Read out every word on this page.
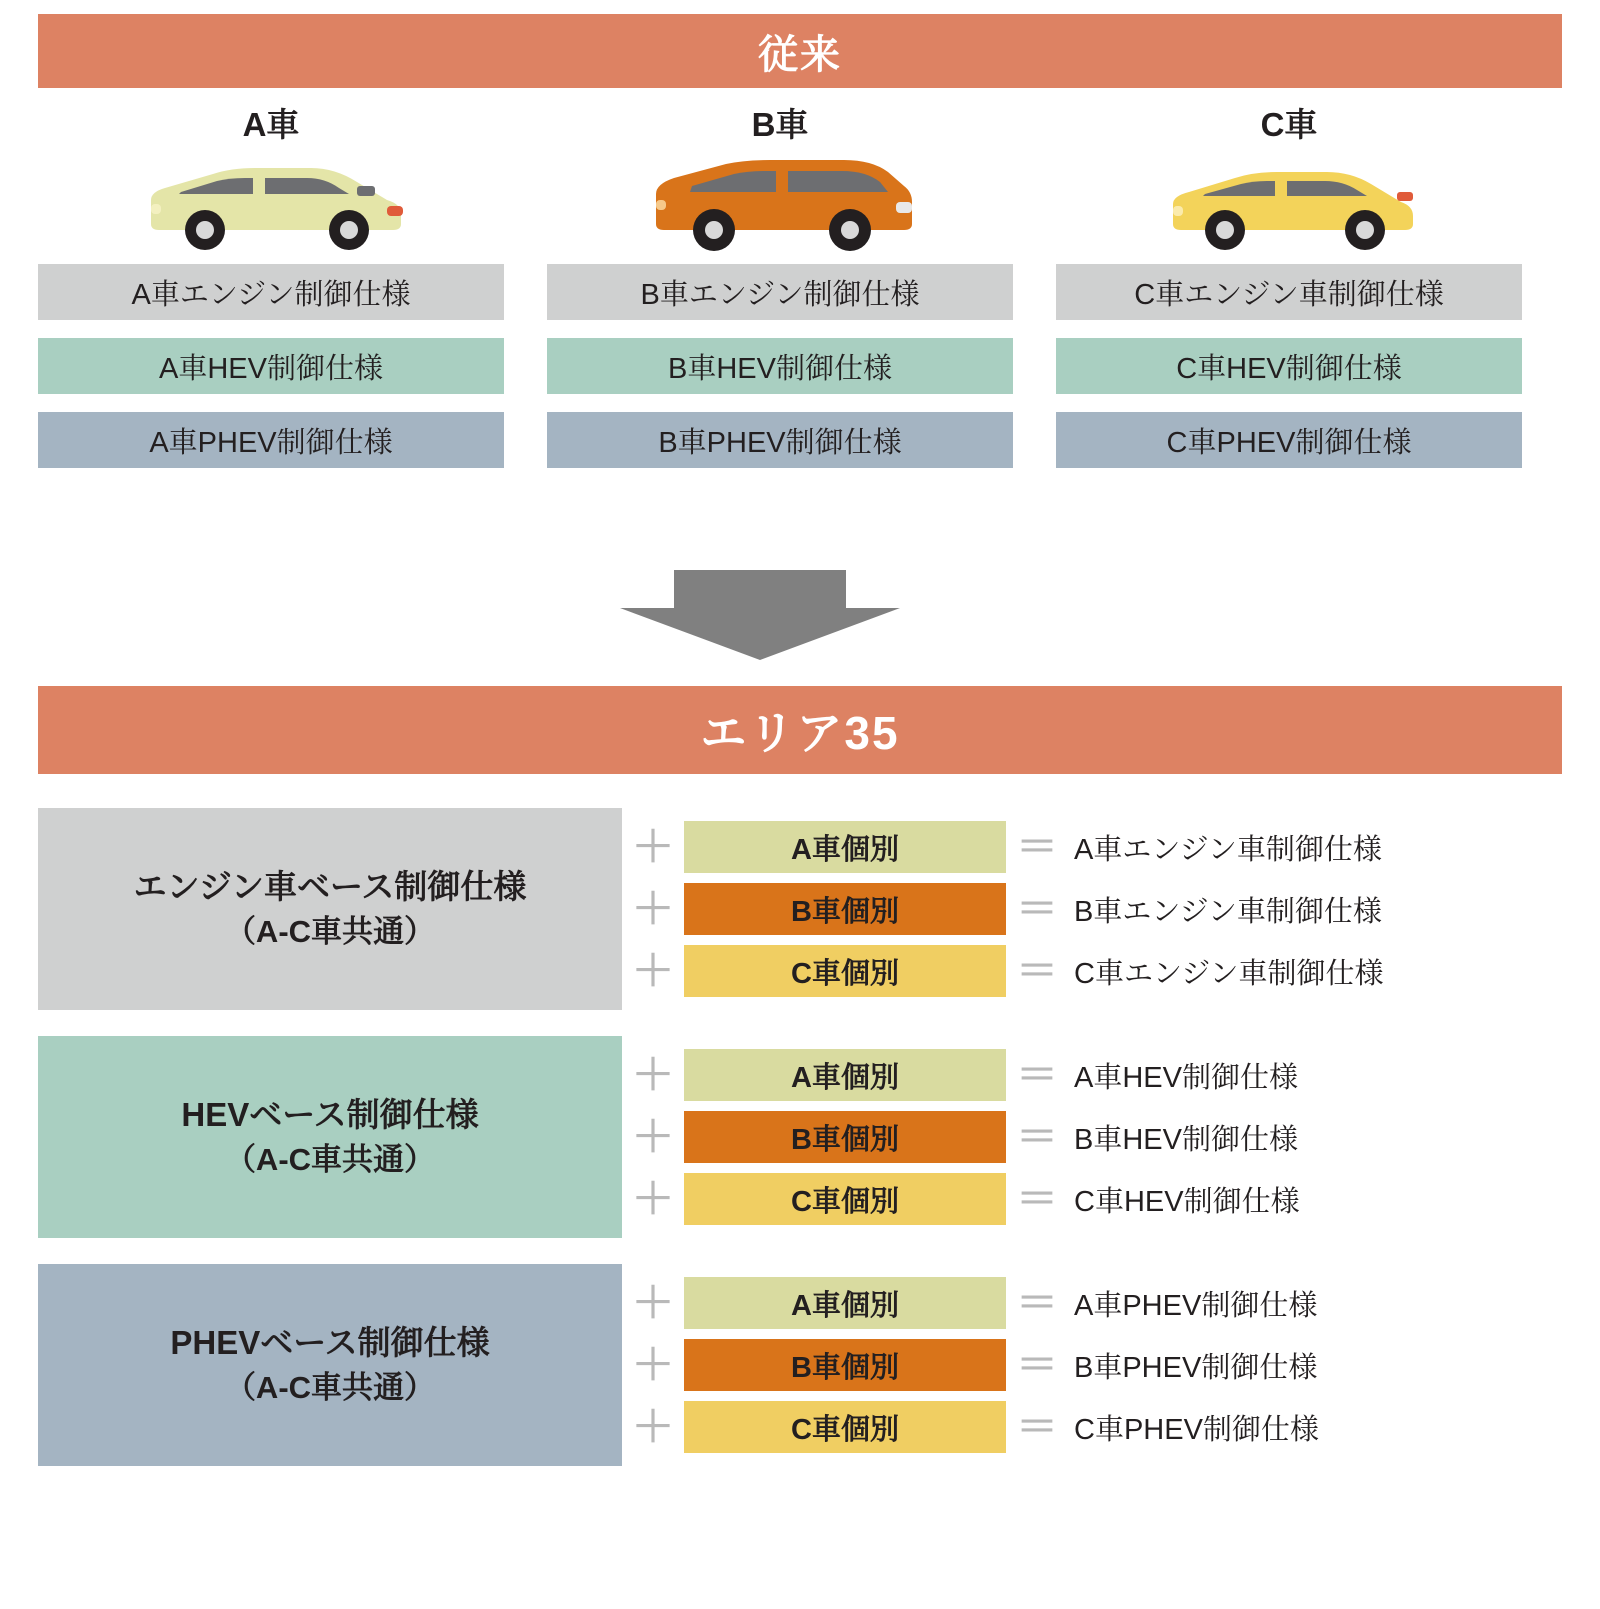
従来
A車
A車エンジン制御仕様
A車HEV制御仕様
A車PHEV制御仕様
B車
B車エンジン制御仕様
B車HEV制御仕様
B車PHEV制御仕様
C車
C車エンジン車制御仕様
C車HEV制御仕様
C車PHEV制御仕様
エリア35
エンジン車ベース制御仕様
（A-C車共通）
＋	A車個別	＝ A車エンジン車制御仕様
＋	B車個別	＝ B車エンジン車制御仕様
＋	C車個別	＝ C車エンジン車制御仕様
HEVベース制御仕様
（A-C車共通）
＋	A車個別	＝ A車HEV制御仕様
＋	B車個別	＝ B車HEV制御仕様
＋	C車個別	＝ C車HEV制御仕様
PHEVベース制御仕様
（A-C車共通）
＋	A車個別	＝ A車PHEV制御仕様
＋	B車個別	＝ B車PHEV制御仕様
＋	C車個別	＝ C車PHEV制御仕様
